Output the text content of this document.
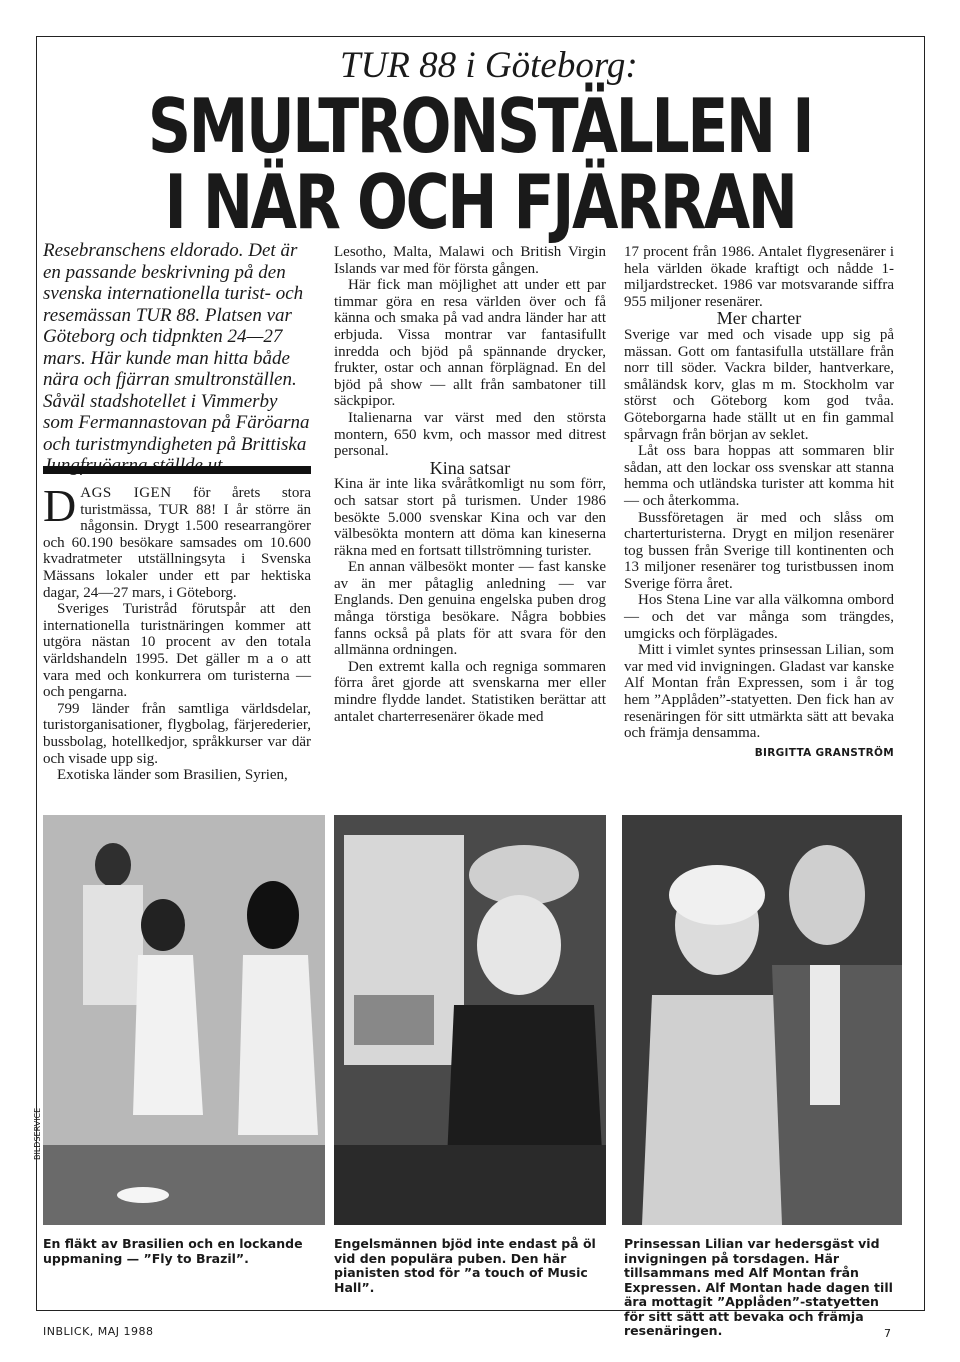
TUR 88 i Göteborg:
SMULTRONSTÄLLEN I
I NÄR OCH FJÄRRAN
Resebranschens eldorado. Det är en passande beskrivning på den svenska internationella turist- och resemässan TUR 88. Platsen var Göteborg och tidpnkten 24—27 mars. Här kunde man hitta både nära och fjärran smultronställen. Såväl stadshotellet i Vimmerby som Fermannastovan på Färöarna och turistmyndigheten på Brittiska

DAGS IGEN för årets stora turistmässa, TUR 88! I år större än någonsin. Drygt 1.500 researrangörer och 60.190 besökare samsades om 10.600 kvadratmeter utställningsyta i Svenska Mässans lokaler under ett par hektiska dagar, 24—27 mars, i Göteborg.

Sveriges Turistråd förutspår att den internationella turistnäringen kommer att utgöra nästan 10 procent av den totala världshandeln 1995. Det gäller m a o att vara med och konkurrera om turisterna — och pengarna.

799 länder från samtliga världsdelar, turistorganisationer, flygbolag, färjerederier, bussbolag, hotellkedjor, språkkurser var där och visade upp sig.

Exotiska länder som Brasilien, Syrien,

Lesotho, Malta, Malawi och British Virgin Islands var med för första gången.

Här fick man möjlighet att under ett par timmar göra en resa världen över och få känna och smaka på vad andra länder har att erbjuda. Vissa montrar var fantasifullt inredda och bjöd på spännande drycker, frukter, ostar och annan förplägnad. En del bjöd på show — allt från sambatoner till säckpipor.

Italienarna var värst med den största montern, 650 kvm, och massor med ditrest personal.

Kina satsar

Kina är inte lika svåråtkomligt nu som förr, och satsar stort på turismen. Under 1986 besökte 5.000 svenskar Kina och var den välbesökta montern att döma kan kineserna räkna med en fortsatt tillströmning turister.

En annan välbesökt monter — fast kanske av än mer påtaglig anledning — var Englands. Den genuina engelska puben drog många törstiga besökare. Några bobbies fanns också på plats för att svara för den allmänna ordningen.

Den extremt kalla och regniga sommaren förra året gjorde att svenskarna mer eller mindre flydde landet. Statistiken berättar att antalet charterresenärer ökade med

17 procent från 1986. Antalet flygresenärer i hela världen ökade kraftigt och nådde 1-miljardstrecket. 1986 var motsvarande siffra 955 miljoner resenärer.

Mer charter

Sverige var med och visade upp sig på mässan. Gott om fantasifulla utställare från norr till söder. Vackra bilder, hantverkare, småländsk korv, glas m m. Stockholm var störst och Göteborg kom god tvåa. Göteborgarna hade ställt ut en fin gammal spårvagn från början av seklet.

Låt oss bara hoppas att sommaren blir sådan, att den lockar oss svenskar att stanna hemma och utländska turister att komma hit — och återkomma.

Bussföretagen är med och slåss om charterturisterna. Drygt en miljon resenärer tog bussen från Sverige till kontinenten och 13 miljoner resenärer tog turistbussen inom Sverige förra året.

Hos Stena Line var alla välkomna ombord — och det var många som trängdes, umgicks och förplägades.

Mitt i vimlet syntes prinsessan Lilian, som var med vid invigningen. Gladast var kanske Alf Montan från Expressen, som i år tog hem ”Applåden”-statyetten. Den fick han av resenäringen för sitt utmärkta sätt att bevaka och främja densamma.

BIRGITTA GRANSTRÖM
BILDSERVICE
En fläkt av Brasilien och en lockande uppmaning — ”Fly to Brazil”.
Engelsmännen bjöd inte endast på öl vid den populära puben. Den här pianisten stod för ”a touch of Music Hall”.
Prinsessan Lilian var hedersgäst vid invigningen på torsdagen. Här tillsammans med Alf Montan från Expressen. Alf Montan hade dagen till ära mottagit ”Applåden”-statyetten för sitt sätt att bevaka och främja resenäringen.
INBLICK, MAJ 1988	7
